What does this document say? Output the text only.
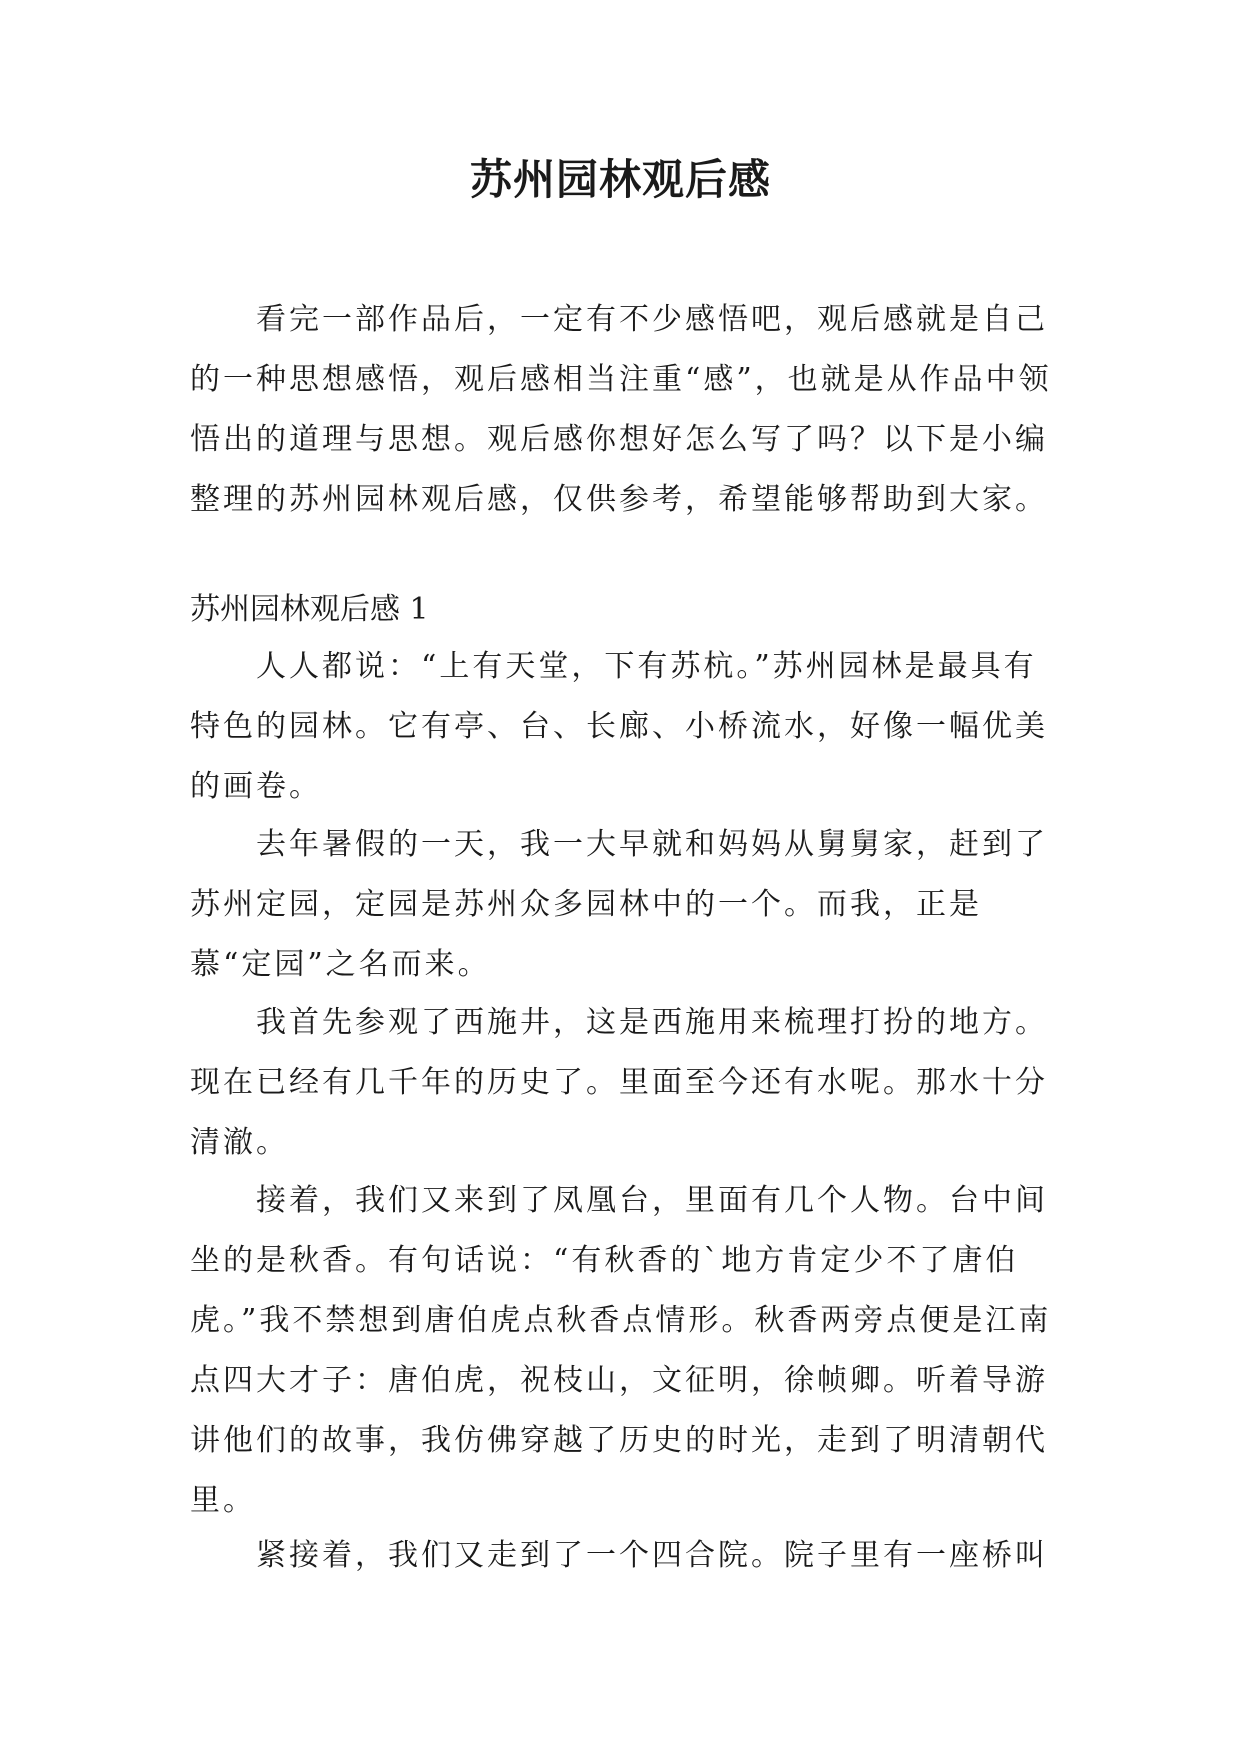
苏州园林观后感

看完一部作品后，一定有不少感悟吧，观后感就是自己的一种思想感悟，观后感相当注重“感”，也就是从作品中领悟出的道理与思想。观后感你想好怎么写了吗？以下是小编整理的苏州园林观后感，仅供参考，希望能够帮助到大家。

苏州园林观后感 1

人人都说：“上有天堂，下有苏杭。”苏州园林是最具有特色的园林。它有亭、台、长廊、小桥流水，好像一幅优美的画卷。

去年暑假的一天，我一大早就和妈妈从舅舅家，赶到了苏州定园，定园是苏州众多园林中的一个。而我，正是慕“定园”之名而来。

我首先参观了西施井，这是西施用来梳理打扮的地方。现在已经有几千年的历史了。里面至今还有水呢。那水十分清澈。

接着，我们又来到了凤凰台，里面有几个人物。台中间坐的是秋香。有句话说：“有秋香的`地方肯定少不了唐伯虎。”我不禁想到唐伯虎点秋香点情形。秋香两旁点便是江南点四大才子：唐伯虎，祝枝山，文征明，徐帧卿。听着导游讲他们的故事，我仿佛穿越了历史的时光，走到了明清朝代里。

紧接着，我们又走到了一个四合院。院子里有一座桥叫
